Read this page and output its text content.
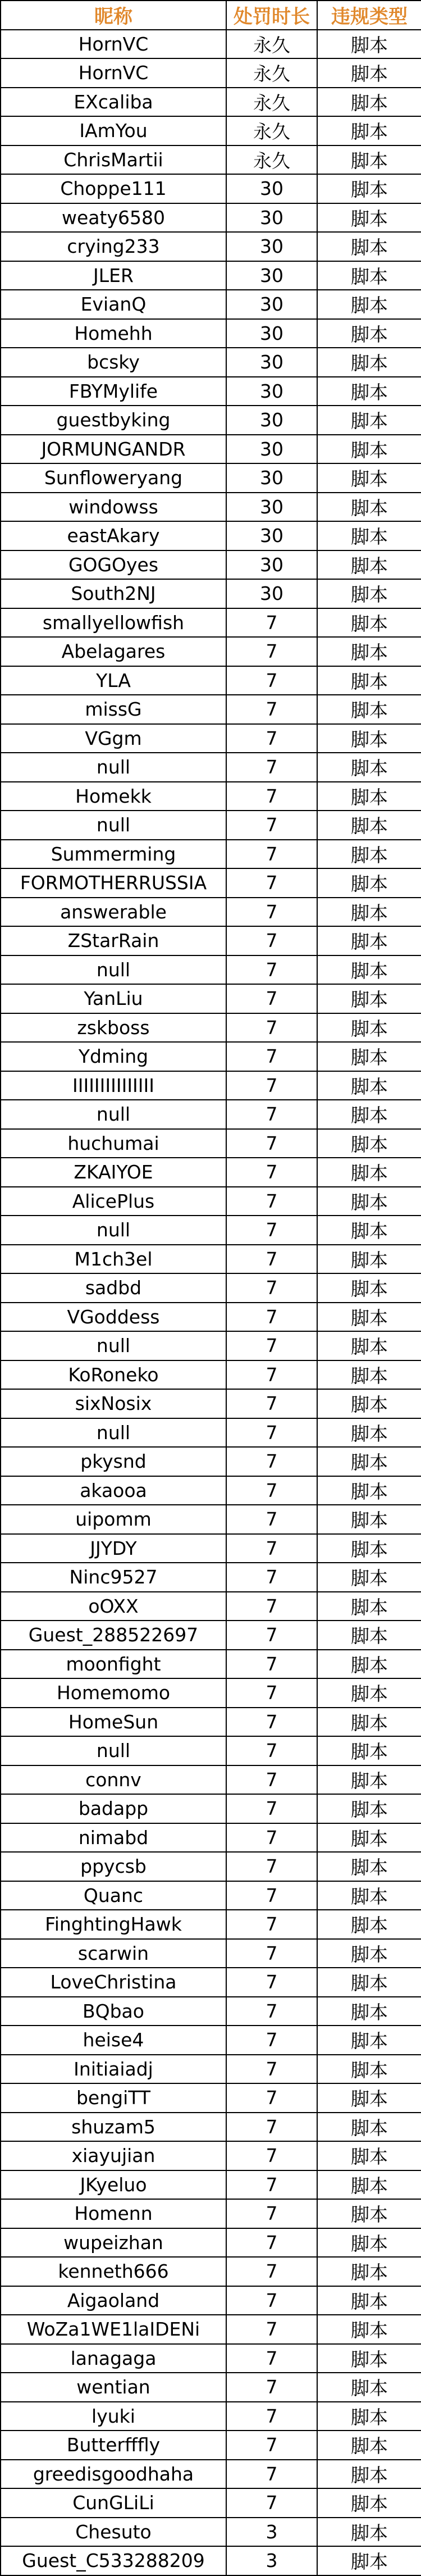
昵称	处罚时长	违规类型
HornVC	永久	脚本
HornVC	永久	脚本
EXcaliba	永久	脚本
IAmYou	永久	脚本
ChrisMartii	永久	脚本
Choppe111	30	脚本
weaty6580	30	脚本
crying233	30	脚本
JLER	30	脚本
EvianQ	30	脚本
Homehh	30	脚本
bcsky	30	脚本
FBYMylife	30	脚本
guestbyking	30	脚本
JORMUNGANDR	30	脚本
Sunfloweryang	30	脚本
windowss	30	脚本
eastAkary	30	脚本
GOGOyes	30	脚本
South2NJ	30	脚本
smallyellowfish	7	脚本
Abelagares	7	脚本
YLA	7	脚本
missG	7	脚本
VGgm	7	脚本
null	7	脚本
Homekk	7	脚本
null	7	脚本
Summerming	7	脚本
FORMOTHERRUSSIA	7	脚本
answerable	7	脚本
ZStarRain	7	脚本
null	7	脚本
YanLiu	7	脚本
zskboss	7	脚本
Ydming	7	脚本
IIIIIIIIIIIIIII	7	脚本
null	7	脚本
huchumai	7	脚本
ZKAIYOE	7	脚本
AlicePlus	7	脚本
null	7	脚本
M1ch3el	7	脚本
sadbd	7	脚本
VGoddess	7	脚本
null	7	脚本
KoRoneko	7	脚本
sixNosix	7	脚本
null	7	脚本
pkysnd	7	脚本
akaooa	7	脚本
uipomm	7	脚本
JJYDY	7	脚本
Ninc9527	7	脚本
oOXX	7	脚本
Guest_288522697	7	脚本
moonfight	7	脚本
Homemomo	7	脚本
HomeSun	7	脚本
null	7	脚本
connv	7	脚本
badapp	7	脚本
nimabd	7	脚本
ppycsb	7	脚本
Quanc	7	脚本
FinghtingHawk	7	脚本
scarwin	7	脚本
LoveChristina	7	脚本
BQbao	7	脚本
heise4	7	脚本
Initiaiadj	7	脚本
bengiTT	7	脚本
shuzam5	7	脚本
xiayujian	7	脚本
JKyeluo	7	脚本
Homenn	7	脚本
wupeizhan	7	脚本
kenneth666	7	脚本
Aigaoland	7	脚本
WoZa1WE1laIDENi	7	脚本
lanagaga	7	脚本
wentian	7	脚本
lyuki	7	脚本
Butterfffly	7	脚本
greedisgoodhaha	7	脚本
CunGLiLi	7	脚本
Chesuto	3	脚本
Guest_C533288209	3	脚本
